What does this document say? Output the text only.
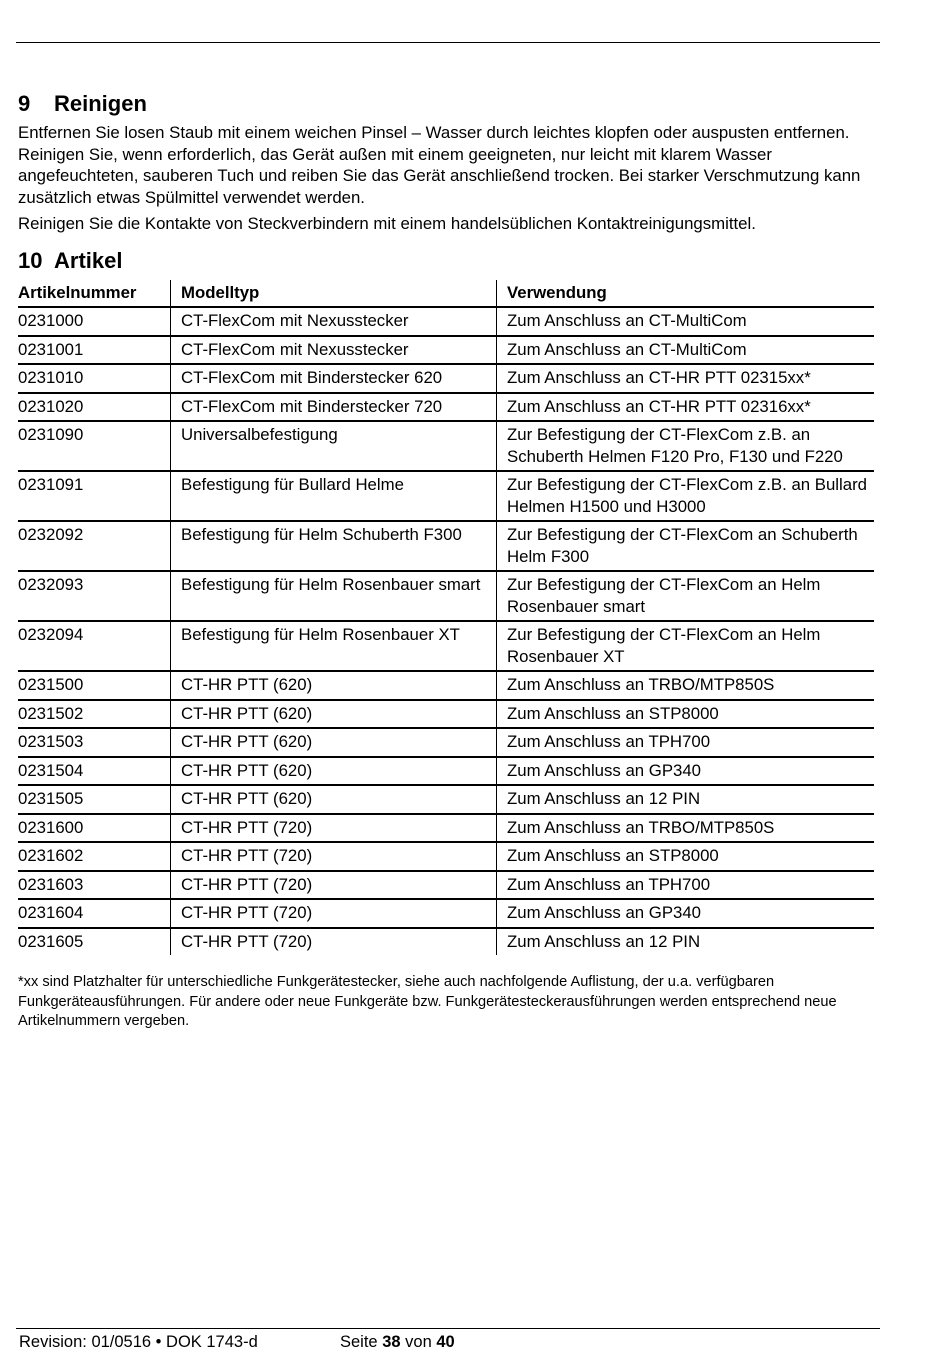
9	Reinigen

Entfernen Sie losen Staub mit einem weichen Pinsel – Wasser durch leichtes klopfen oder auspusten entfernen. Reinigen Sie, wenn erforderlich, das Gerät außen mit einem geeigneten, nur leicht mit klarem Wasser angefeuchteten, sauberen Tuch und reiben Sie das Gerät anschließend trocken. Bei starker Verschmutzung kann zusätzlich etwas Spülmittel verwendet werden.

Reinigen Sie die Kontakte von Steckverbindern mit einem handelsüblichen Kontaktreinigungsmittel.

10 Artikel
Artikelnummer	Modelltyp	Verwendung
0231000	CT-FlexCom mit Nexusstecker	Zum Anschluss an CT-MultiCom
0231001	CT-FlexCom mit Nexusstecker	Zum Anschluss an CT-MultiCom
0231010	CT-FlexCom mit Binderstecker 620	Zum Anschluss an CT-HR PTT 02315xx*
0231020	CT-FlexCom mit Binderstecker 720	Zum Anschluss an CT-HR PTT 02316xx*
0231090	Universalbefestigung	Zur Befestigung der CT-FlexCom z.B. an Schuberth Helmen F120 Pro, F130 und F220
0231091	Befestigung für Bullard Helme	Zur Befestigung der CT-FlexCom z.B. an Bullard Helmen H1500 und H3000
0232092	Befestigung für Helm Schuberth F300	Zur Befestigung der CT-FlexCom an Schuberth Helm F300
0232093	Befestigung für Helm Rosenbauer smart	Zur Befestigung der CT-FlexCom an Helm Rosenbauer smart
0232094	Befestigung für Helm Rosenbauer XT	Zur Befestigung der CT-FlexCom an Helm Rosenbauer XT
0231500	CT-HR PTT (620)	Zum Anschluss an TRBO/MTP850S
0231502	CT-HR PTT (620)	Zum Anschluss an STP8000
0231503	CT-HR PTT (620)	Zum Anschluss an TPH700
0231504	CT-HR PTT (620)	Zum Anschluss an GP340
0231505	CT-HR PTT (620)	Zum Anschluss an 12 PIN
0231600	CT-HR PTT (720)	Zum Anschluss an TRBO/MTP850S
0231602	CT-HR PTT (720)	Zum Anschluss an STP8000
0231603	CT-HR PTT (720)	Zum Anschluss an TPH700
0231604	CT-HR PTT (720)	Zum Anschluss an GP340
0231605	CT-HR PTT (720)	Zum Anschluss an 12 PIN

*xx sind Platzhalter für unterschiedliche Funkgerätestecker, siehe auch nachfolgende Auflistung, der u.a. verfügbaren Funkgeräteausführungen. Für andere oder neue Funkgeräte bzw. Funkgerätesteckerausführungen werden entsprechend neue Artikelnummern vergeben.

Revision: 01/0516 • DOK 1743-d	Seite 38 von 40
